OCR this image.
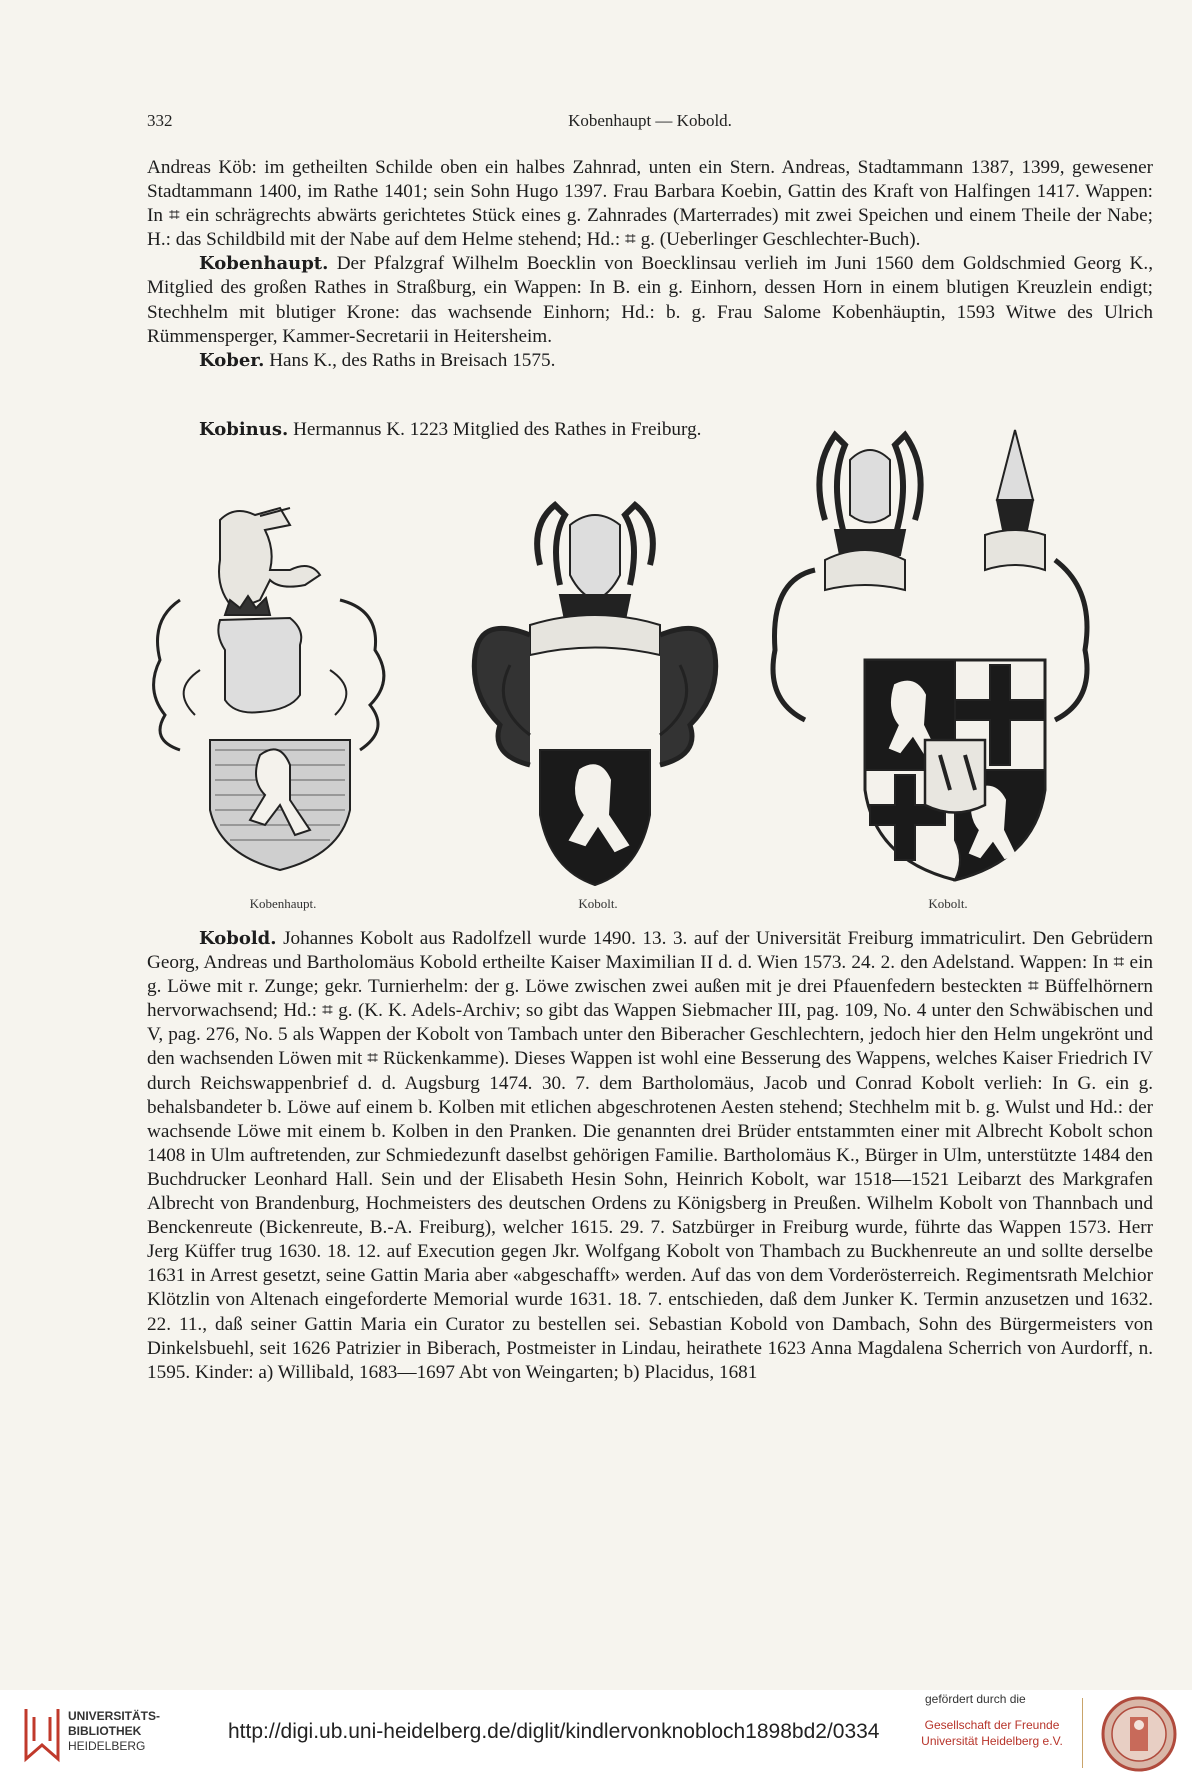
332	Kobenhaupt — Kobold.

Andreas Köb: im getheilten Schilde oben ein halbes Zahnrad, unten ein Stern. Andreas, Stadtammann 1387, 1399, gewesener Stadtammann 1400, im Rathe 1401; sein Sohn Hugo 1397. Frau Barbara Koebin, Gattin des Kraft von Halfingen 1417. Wappen: In ⌗ ein schrägrechts abwärts gerichtetes Stück eines g. Zahnrades (Marterrades) mit zwei Speichen und einem Theile der Nabe; H.: das Schildbild mit der Nabe auf dem Helme stehend; Hd.: ⌗ g. (Ueberlinger Geschlechter-Buch).

Kobenhaupt. Der Pfalzgraf Wilhelm Boecklin von Boecklinsau verlieh im Juni 1560 dem Goldschmied Georg K., Mitglied des großen Rathes in Straßburg, ein Wappen: In B. ein g. Einhorn, dessen Horn in einem blutigen Kreuzlein endigt; Stechhelm mit blutiger Krone: das wachsende Einhorn; Hd.: b. g. Frau Salome Kobenhäuptin, 1593 Witwe des Ulrich Rümmensperger, Kammer-Secretarii in Heitersheim.

Kober. Hans K., des Raths in Breisach 1575.

Kobinus. Hermannus K. 1223 Mitglied des Rathes in Freiburg.

Kobenhaupt.	Kobolt.	Kobolt.

Kobold. Johannes Kobolt aus Radolfzell wurde 1490. 13. 3. auf der Universität Freiburg immatriculirt. Den Gebrüdern Georg, Andreas und Bartholomäus Kobold ertheilte Kaiser Maximilian II d. d. Wien 1573. 24. 2. den Adelstand. Wappen: In ⌗ ein g. Löwe mit r. Zunge; gekr. Turnierhelm: der g. Löwe zwischen zwei außen mit je drei Pfauenfedern besteckten ⌗ Büffelhörnern hervorwachsend; Hd.: ⌗ g. (K. K. Adels-Archiv; so gibt das Wappen Siebmacher III, pag. 109, No. 4 unter den Schwäbischen und V, pag. 276, No. 5 als Wappen der Kobolt von Tambach unter den Biberacher Geschlechtern, jedoch hier den Helm ungekrönt und den wachsenden Löwen mit ⌗ Rückenkamme). Dieses Wappen ist wohl eine Besserung des Wappens, welches Kaiser Friedrich IV durch Reichswappenbrief d. d. Augsburg 1474. 30. 7. dem Bartholomäus, Jacob und Conrad Kobolt verlieh: In G. ein g. behalsbandeter b. Löwe auf einem b. Kolben mit etlichen abgeschrotenen Aesten stehend; Stechhelm mit b. g. Wulst und Hd.: der wachsende Löwe mit einem b. Kolben in den Pranken. Die genannten drei Brüder entstammten einer mit Albrecht Kobolt schon 1408 in Ulm auftretenden, zur Schmiedezunft daselbst gehörigen Familie. Bartholomäus K., Bürger in Ulm, unterstützte 1484 den Buchdrucker Leonhard Hall. Sein und der Elisabeth Hesin Sohn, Heinrich Kobolt, war 1518—1521 Leibarzt des Markgrafen Albrecht von Brandenburg, Hochmeisters des deutschen Ordens zu Königsberg in Preußen. Wilhelm Kobolt von Thannbach und Benckenreute (Bickenreute, B.-A. Freiburg), welcher 1615. 29. 7. Satzbürger in Freiburg wurde, führte das Wappen 1573. Herr Jerg Küffer trug 1630. 18. 12. auf Execution gegen Jkr. Wolfgang Kobolt von Thambach zu Buckhenreute an und sollte derselbe 1631 in Arrest gesetzt, seine Gattin Maria aber «abgeschafft» werden. Auf das von dem Vorderösterreich. Regimentsrath Melchior Klötzlin von Altenach eingeforderte Memorial wurde 1631. 18. 7. entschieden, daß dem Junker K. Termin anzusetzen und 1632. 22. 11., daß seiner Gattin Maria ein Curator zu bestellen sei. Sebastian Kobold von Dambach, Sohn des Bürgermeisters von Dinkelsbuehl, seit 1626 Patrizier in Biberach, Postmeister in Lindau, heirathete 1623 Anna Magdalena Scherrich von Aurdorff, n. 1595. Kinder: a) Willibald, 1683—1697 Abt von Weingarten; b) Placidus, 1681

UNIVERSITÄTS-
BIBLIOTHEK
HEIDELBERG
http://digi.ub.uni-heidelberg.de/diglit/kindlervonknobloch1898bd2/0334
gefördert durch die
Gesellschaft der Freunde
Universität Heidelberg e.V.
